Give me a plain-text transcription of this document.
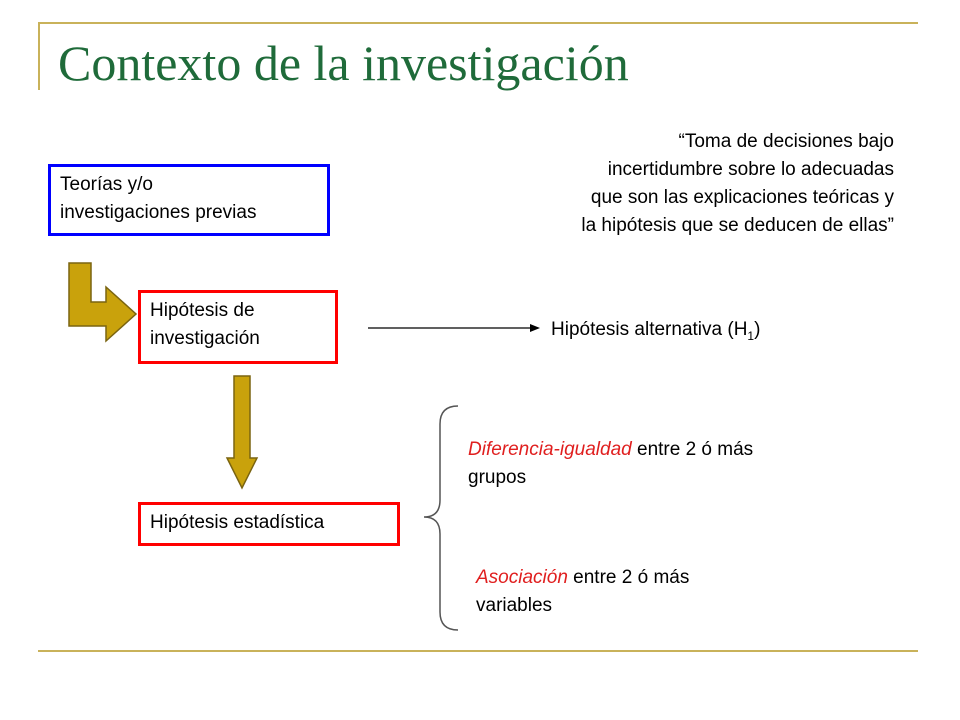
Contexto de la investigación
“Toma de decisiones bajo
incertidumbre sobre lo adecuadas
que son las explicaciones teóricas y
la hipótesis que se deducen de ellas”
Teorías y/o
investigaciones previas
Hipótesis de
investigación
Hipótesis estadística
Hipótesis alternativa $(H_1)$
Diferencia-igualdad entre 2 ó más
grupos
Asociación entre 2 ó más
variables
